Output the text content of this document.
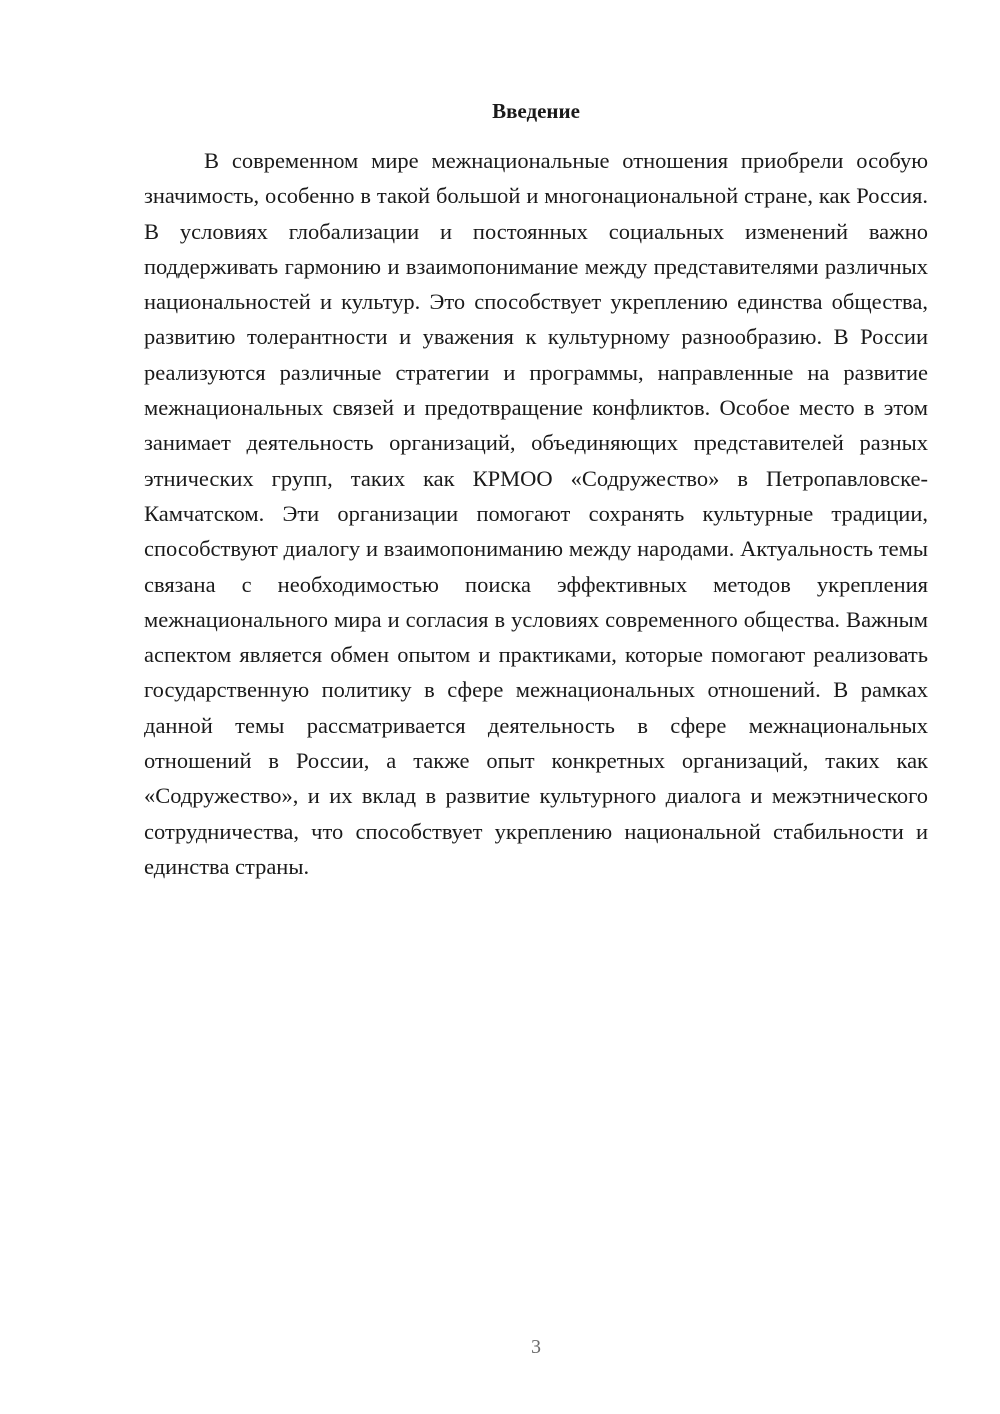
Введение

В современном мире межнациональные отношения приобрели особую значимость, особенно в такой большой и многонациональной стране, как Россия. В условиях глобализации и постоянных социальных изменений важно поддерживать гармонию и взаимопонимание между представителями различных национальностей и культур. Это способствует укреплению единства общества, развитию толерантности и уважения к культурному разнообразию. В России реализуются различные стратегии и программы, направленные на развитие межнациональных связей и предотвращение конфликтов. Особое место в этом занимает деятельность организаций, объединяющих представителей разных этнических групп, таких как КРМОО «Содружество» в Петропавловске-Камчатском. Эти организации помогают сохранять культурные традиции, способствуют диалогу и взаимопониманию между народами. Актуальность темы связана с необходимостью поиска эффективных методов укрепления межнационального мира и согласия в условиях современного общества. Важным аспектом является обмен опытом и практиками, которые помогают реализовать государственную политику в сфере межнациональных отношений. В рамках данной темы рассматривается деятельность в сфере межнациональных отношений в России, а также опыт конкретных организаций, таких как «Содружество», и их вклад в развитие культурного диалога и межэтнического сотрудничества, что способствует укреплению национальной стабильности и единства страны.

3
